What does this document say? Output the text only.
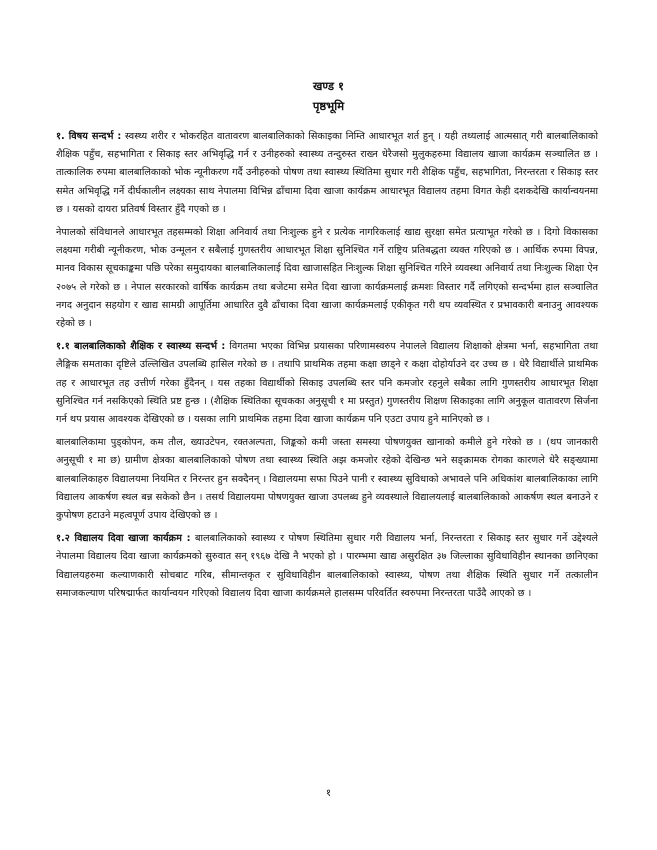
खण्ड १

पृष्ठभूमि

१. विषय सन्दर्भ : स्वस्थ्य शरीर र भोकरहित वातावरण बालबालिकाको सिकाइका निम्ति आधारभूत शर्त हुन् । यही तथ्यलाई आत्मसात् गरी बालबालिकाको शैक्षिक पहुँच, सहभागिता र सिकाइ स्तर अभिवृद्धि गर्न र उनीहरुको स्वास्थ्य तन्दुरुस्त राख्न धेरैजसो मुलुकहरुमा विद्यालय खाजा कार्यक्रम सञ्चालित छ । तात्कालिक रुपमा बालबालिकाको भोक न्यूनीकरण गर्दै उनीहरुको पोषण तथा स्वास्थ्य स्थितिमा सुधार गरी शैक्षिक पहुँच, सहभागिता, निरन्तरता र सिकाइ स्तर समेत अभिवृद्धि गर्ने दीर्घकालीन लक्ष्यका साथ नेपालमा विभिन्न ढाँचामा दिवा खाजा कार्यक्रम आधारभूत विद्यालय तहमा विगत केही दशकदेखि कार्यान्वयनमा छ । यसको दायरा प्रतिवर्ष विस्तार हुँदै गएको छ ।

नेपालको संविधानले आधारभूत तहसम्मको शिक्षा अनिवार्य तथा निःशुल्क हुने र प्रत्येक नागरिकलाई खाद्य सुरक्षा समेत प्रत्याभूत गरेको छ । दिगो विकासका लक्ष्यमा गरीबी न्यूनीकरण, भोक उन्मूलन र सबैलाई गुणस्तरीय आधारभूत शिक्षा सुनिश्चित गर्ने राष्ट्रिय प्रतिबद्धता व्यक्त गरिएको छ । आर्थिक रुपमा विपन्न, मानव विकास सूचकाङ्कमा पछि परेका समुदायका बालबालिकालाई दिवा खाजासहित निःशुल्क शिक्षा सुनिश्चित गरिने व्यवस्था अनिवार्य तथा निःशुल्क शिक्षा ऐन २०७५ ले गरेको छ । नेपाल सरकारको वार्षिक कार्यक्रम तथा बजेटमा समेत दिवा खाजा कार्यक्रमलाई क्रमशः विस्तार गर्दै लगिएको सन्दर्भमा हाल सञ्चालित नगद अनुदान सहयोग र खाद्य सामग्री आपूर्तिमा आधारित दुवै ढाँचाका दिवा खाजा कार्यक्रमलाई एकीकृत गरी थप व्यवस्थित र प्रभावकारी बनाउनु आवश्यक रहेको छ ।

१.१ बालबालिकाको शैक्षिक र स्वास्थ्य सन्दर्भ : विगतमा भएका विभिन्न प्रयासका परिणामस्वरुप नेपालले विद्यालय शिक्षाको क्षेत्रमा भर्ना, सहभागिता तथा लैङ्गिक समताका दृष्टिले उल्लिखित उपलब्धि हासिल गरेको छ । तथापि प्राथमिक तहमा कक्षा छाड्ने र कक्षा दोहोर्याउने दर उच्च छ । धेरै विद्यार्थीले प्राथमिक तह र आधारभूत तह उत्तीर्ण गरेका हुँदैनन् । यस तहका विद्यार्थीको सिकाइ उपलब्धि स्तर पनि कमजोर रहनुले सबैका लागि गुणस्तरीय आधारभूत शिक्षा सुनिश्चित गर्न नसकिएको स्थिति प्रष्ट हुन्छ । (शैक्षिक स्थितिका सूचकका अनुसूची १ मा प्रस्तुत) गुणस्तरीय शिक्षण सिकाइका लागि अनुकूल वातावरण सिर्जना गर्न थप प्रयास आवश्यक देखिएको छ । यसका लागि प्राथमिक तहमा दिवा खाजा कार्यक्रम पनि एउटा उपाय हुने मानिएको छ ।

बालबालिकामा पुड्कोपन, कम तौल, ख्याउटेपन, रक्तअल्पता, जिङ्कको कमी जस्ता समस्या पोषणयुक्त खानाको कमीले हुने गरेको छ । (थप जानकारी अनुसूची १ मा छ) ग्रामीण क्षेत्रका बालबालिकाको पोषण तथा स्वास्थ्य स्थिति अझ कमजोर रहेको देखिन्छ भने सङ्क्रामक रोगका कारणले धेरै सङ्ख्यामा बालबालिकाहरु विद्यालयमा नियमित र निरन्तर हुन सक्दैनन् । विद्यालयमा सफा पिउने पानी र स्वास्थ्य सुविधाको अभावले पनि अधिकांश बालबालिकाका लागि विद्यालय आकर्षण स्थल बन्न सकेको छैन । तसर्थ विद्यालयमा पोषणयुक्त खाजा उपलब्ध हुने व्यवस्थाले विद्यालयलाई बालबालिकाको आकर्षण स्थल बनाउने र कुपोषण हटाउने महत्वपूर्ण उपाय देखिएको छ ।

१.२ विद्यालय दिवा खाजा कार्यक्रम : बालबालिकाको स्वास्थ्य र पोषण स्थितिमा सुधार गरी विद्यालय भर्ना, निरन्तरता र सिकाइ स्तर सुधार गर्ने उद्देश्यले नेपालमा विद्यालय दिवा खाजा कार्यक्रमको सुरुवात सन् १९६७ देखि नै भएको हो । पारम्भमा खाद्य असुरक्षित ३७ जिल्लाका सुविधाविहीन स्थानका छानिएका विद्यालयहरुमा कल्याणकारी सोचबाट गरिब, सीमान्तकृत र सुविधाविहीन बालबालिकाको स्वास्थ्य, पोषण तथा शैक्षिक स्थिति सुधार गर्ने तत्कालीन समाजकल्याण परिषद्मार्फत कार्यान्वयन गरिएको विद्यालय दिवा खाजा कार्यक्रमले हालसम्म परिवर्तित स्वरुपमा निरन्तरता पाउँदै आएको छ ।

१
